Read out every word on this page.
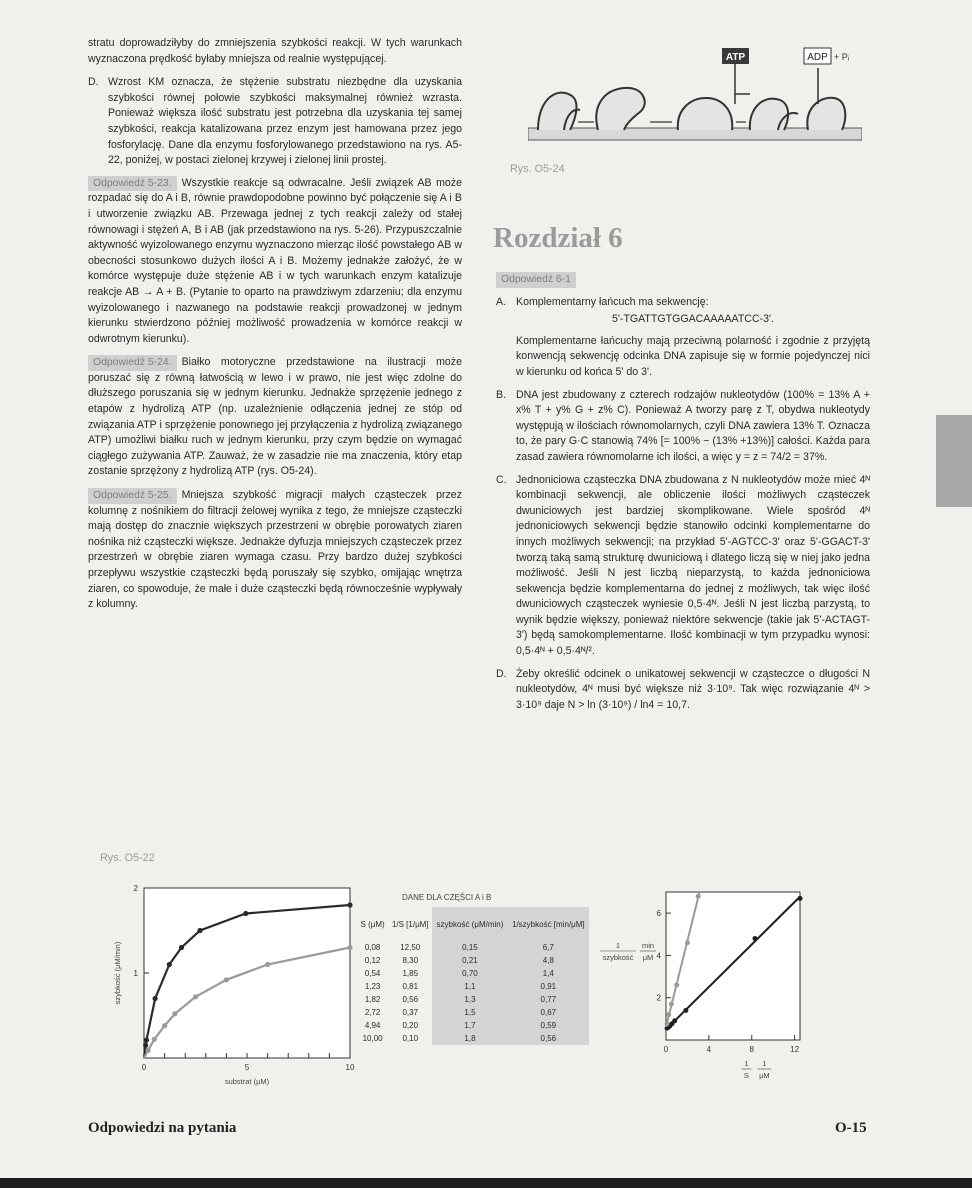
stratu doprowadziłyby do zmniejszenia szybkości reakcji. W tych warunkach wyznaczona prędkość byłaby mniejsza od realnie występującej.

D. Wzrost KM oznacza, że stężenie substratu niezbędne dla uzyskania szybkości równej połowie szybkości maksymalnej również wzrasta. Ponieważ większa ilość substratu jest potrzebna dla uzyskania tej samej szybkości, reakcja katalizowana przez enzym jest hamowana przez jego fosforylację. Dane dla enzymu fosforylowanego przedstawiono na rys. A5-22, poniżej, w postaci zielonej krzywej i zielonej linii prostej.

Odpowiedź 5-23. Wszystkie reakcje są odwracalne. Jeśli związek AB może rozpadać się do A i B, równie prawdopodobne powinno być połączenie się A i B i utworzenie związku AB. Przewaga jednej z tych reakcji zależy od stałej równowagi i stężeń A, B i AB (jak przedstawiono na rys. 5-26). Przypuszczalnie aktywność wyizolowanego enzymu wyznaczono mierząc ilość powstałego AB w obecności stosunkowo dużych ilości A i B. Możemy jednakże założyć, że w komórce występuje duże stężenie AB i w tych warunkach enzym katalizuje reakcje AB → A + B. (Pytanie to oparto na prawdziwym zdarzeniu; dla enzymu wyizolowanego i nazwanego na podstawie reakcji prowadzonej w jednym kierunku stwierdzono później możliwość prowadzenia w komórce reakcji w odwrotnym kierunku).

Odpowiedź 5-24. Białko motoryczne przedstawione na ilustracji może poruszać się z równą łatwością w lewo i w prawo, nie jest więc zdolne do dłuższego poruszania się w jednym kierunku. Jednakże sprzężenie jednego z etapów z hydrolizą ATP (np. uzależnienie odłączenia jednej ze stóp od związania ATP i sprzężenie ponownego jej przyłączenia z hydrolizą związanego ATP) umożliwi białku ruch w jednym kierunku, przy czym będzie on wymagać ciągłego zużywania ATP. Zauważ, że w zasadzie nie ma znaczenia, który etap zostanie sprzężony z hydrolizą ATP (rys. O5-24).

Odpowiedź 5-25. Mniejsza szybkość migracji małych cząsteczek przez kolumnę z nośnikiem do filtracji żelowej wynika z tego, że mniejsze cząsteczki mają dostęp do znacznie większych przestrzeni w obrębie porowatych ziaren nośnika niż cząsteczki większe. Jednakże dyfuzja mniejszych cząsteczek przez przestrzeń w obrębie ziaren wymaga czasu. Przy bardzo dużej szybkości przepływu wszystkie cząsteczki będą poruszały się szybko, omijając wnętrza ziaren, co spowoduje, że małe i duże cząsteczki będą równocześnie wypływały z kolumny.

ATP	ADP + Pᵢ
Rys. O5-24
Rozdział 6
Odpowiedź 6-1
A. Komplementarny łańcuch ma sekwencję:
5'-TGATTGTGGACAAAAATCC-3'.
Komplementarne łańcuchy mają przeciwną polarność i zgodnie z przyjętą konwencją sekwencję odcinka DNA zapisuje się w formie pojedynczej nici w kierunku od końca 5' do 3'.
B. DNA jest zbudowany z czterech rodzajów nukleotydów (100% = 13% A + x% T + y% G + z% C). Ponieważ A tworzy parę z T, obydwa nukleotydy występują w ilościach równomolarnych, czyli DNA zawiera 13% T. Oznacza to, że pary G·C stanowią 74% [= 100% − (13% +13%)] całości. Każda para zasad zawiera równomolarne ich ilości, a więc y = z = 74/2 = 37%.
C. Jednoniciowa cząsteczka DNA zbudowana z N nukleotydów może mieć 4ᴺ kombinacji sekwencji, ale obliczenie ilości możliwych cząsteczek dwuniciowych jest bardziej skomplikowane. Wiele spośród 4ᴺ jednoniciowych sekwencji będzie stanowiło odcinki komplementarne do innych możliwych sekwencji; na przykład 5'-AGTCC-3' oraz 5'-GGACT-3' tworzą taką samą strukturę dwuniciową i dlatego liczą się w niej jako jedna możliwość. Jeśli N jest liczbą nieparzystą, to każda jednoniciowa sekwencja będzie komplementarna do jednej z możliwych, tak więc ilość dwuniciowych cząsteczek wyniesie 0,5·4ᴺ. Jeśli N jest liczbą parzystą, to wynik będzie większy, ponieważ niektóre sekwencje (takie jak 5'-ACTAGT-3') będą samokomplementarne. Ilość kombinacji w tym przypadku wynosi: 0,5·4ᴺ + 0,5·4ᴺ/².
D. Żeby określić odcinek o unikatowej sekwencji w cząsteczce o długości N nukleotydów, 4ᴺ musi być większe niż 3·10⁹. Tak więc rozwiązanie 4ᴺ > 3·10⁹ daje N > ln (3·10⁹) / ln4 = 10,7.
Rys. O5-22
1
2
0	5	10
substrat (μM)
szybkość (μM/min)
DANE DLA CZĘŚCI A i B
S (μM)	1/S [1/μM]	szybkość (μM/min)	1/szybkość [min/μM]
0,08	12,50	0,15	6,7
0,12	8,30	0,21	4,8
0,54	1,85	0,70	1,4
1,23	0,81	1,1	0,91
1,82	0,56	1,3	0,77
2,72	0,37	1,5	0,67
4,94	0,20	1,7	0,59
10,00	0,10	1,8	0,56
2
4
6
0	4	8	12
1
szybkość
min
μM
1
S
1
μM
Odpowiedzi na pytania	O-15
